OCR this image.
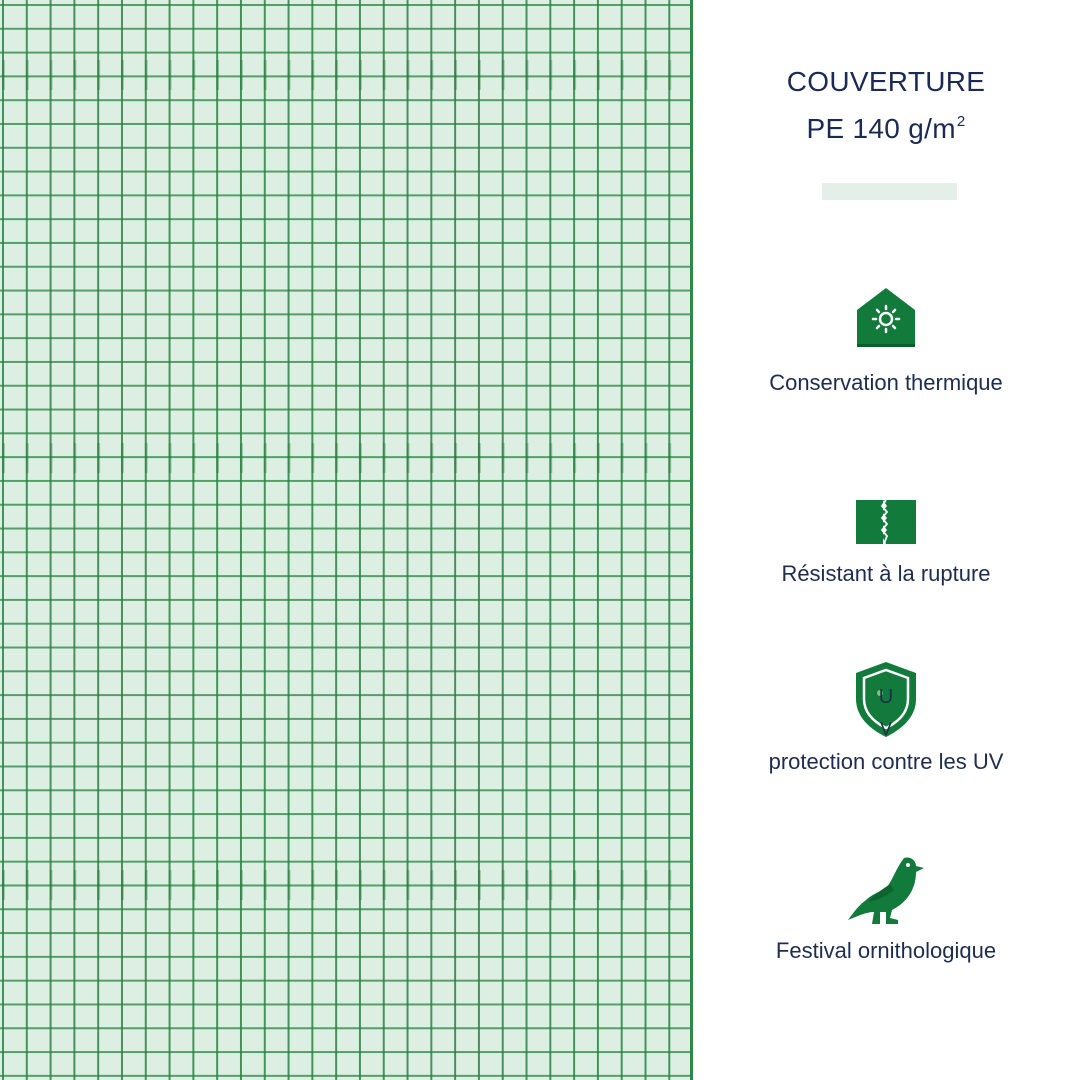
COUVERTURE
PE 140 $g/m^2$
Conservation thermique
Résistant à la rupture
U
V
protection contre les UV
Festival ornithologique
